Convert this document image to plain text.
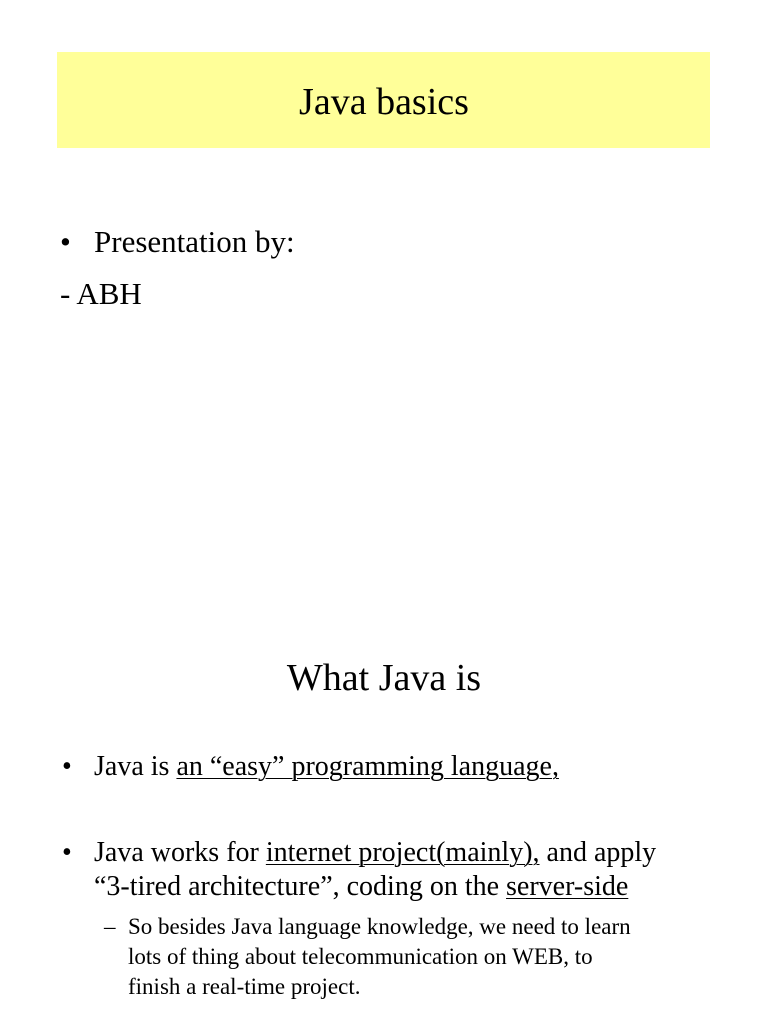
Java basics
• Presentation by:
- ABH
What Java is
• Java is an “easy” programming language,
• Java works for internet project(mainly), and apply
“3-tired architecture”, coding on the server-side
– So besides Java language knowledge, we need to learn
lots of thing about telecommunication on WEB, to
finish a real-time project.
